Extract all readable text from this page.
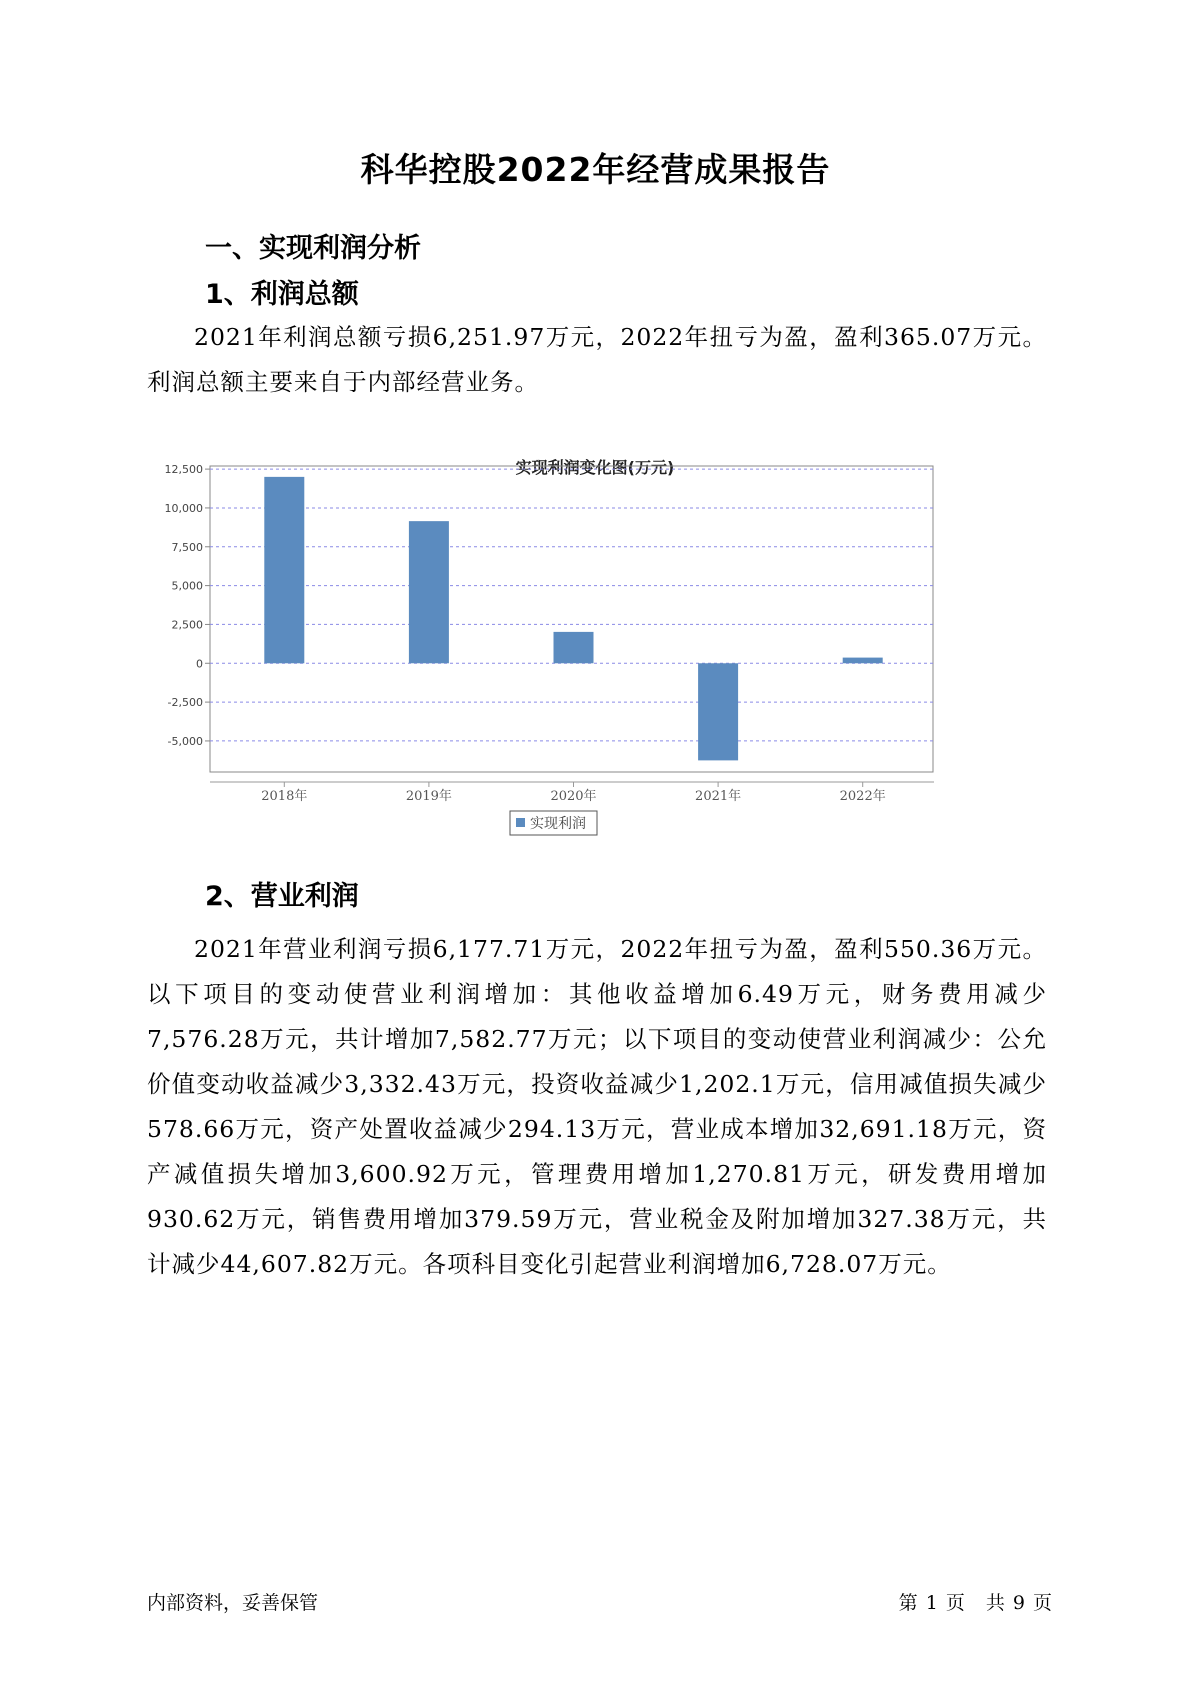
科华控股2022年经营成果报告
一、实现利润分析
1、利润总额
2021年利润总额亏损6,251.97万元，2022年扭亏为盈，盈利365.07万元。利润总额主要来自于内部经营业务。
实现利润变化图(万元)
12,500
10,000
7,500
5,000
2,500
0
-2,500
-5,000
2018年	2019年	2020年	2021年	2022年
实现利润
2、营业利润
2021年营业利润亏损6,177.71万元，2022年扭亏为盈，盈利550.36万元。以下项目的变动使营业利润增加：其他收益增加6.49万元，财务费用减少7,576.28万元，共计增加7,582.77万元；以下项目的变动使营业利润减少：公允价值变动收益减少3,332.43万元，投资收益减少1,202.1万元，信用减值损失减少578.66万元，资产处置收益减少294.13万元，营业成本增加32,691.18万元，资产减值损失增加3,600.92万元，管理费用增加1,270.81万元，研发费用增加930.62万元，销售费用增加379.59万元，营业税金及附加增加327.38万元，共计减少44,607.82万元。各项科目变化引起营业利润增加6,728.07万元。
内部资料，妥善保管	第 1 页　共 9 页
